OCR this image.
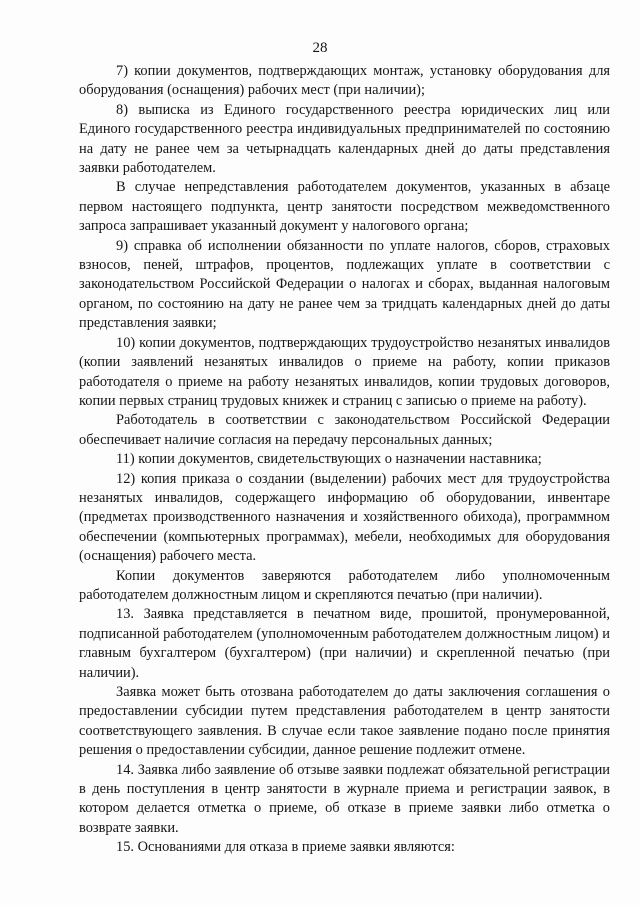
28

7) копии документов, подтверждающих монтаж, установку оборудования для оборудования (оснащения) рабочих мест (при наличии);

8) выписка из Единого государственного реестра юридических лиц или Единого государственного реестра индивидуальных предпринимателей по состоянию на дату не ранее чем за четырнадцать календарных дней до даты представления заявки работодателем.

В случае непредставления работодателем документов, указанных в абзаце первом настоящего подпункта, центр занятости посредством межведомственного запроса запрашивает указанный документ у налогового органа;

9) справка об исполнении обязанности по уплате налогов, сборов, страховых взносов, пеней, штрафов, процентов, подлежащих уплате в соответствии с законодательством Российской Федерации о налогах и сборах, выданная налоговым органом, по состоянию на дату не ранее чем за тридцать календарных дней до даты представления заявки;

10) копии документов, подтверждающих трудоустройство незанятых инвалидов (копии заявлений незанятых инвалидов о приеме на работу, копии приказов работодателя о приеме на работу незанятых инвалидов, копии трудовых договоров, копии первых страниц трудовых книжек и страниц с записью о приеме на работу).

Работодатель в соответствии с законодательством Российской Федерации обеспечивает наличие согласия на передачу персональных данных;

11) копии документов, свидетельствующих о назначении наставника;

12) копия приказа о создании (выделении) рабочих мест для трудоустройства незанятых инвалидов, содержащего информацию об оборудовании, инвентаре (предметах производственного назначения и хозяйственного обихода), программном обеспечении (компьютерных программах), мебели, необходимых для оборудования (оснащения) рабочего места.

Копии документов заверяются работодателем либо уполномоченным работодателем должностным лицом и скрепляются печатью (при наличии).

13. Заявка представляется в печатном виде, прошитой, пронумерованной, подписанной работодателем (уполномоченным работодателем должностным лицом) и главным бухгалтером (бухгалтером) (при наличии) и скрепленной печатью (при наличии).

Заявка может быть отозвана работодателем до даты заключения соглашения о предоставлении субсидии путем представления работодателем в центр занятости соответствующего заявления. В случае если такое заявление подано после принятия решения о предоставлении субсидии, данное решение подлежит отмене.

14. Заявка либо заявление об отзыве заявки подлежат обязательной регистрации в день поступления в центр занятости в журнале приема и регистрации заявок, в котором делается отметка о приеме, об отказе в приеме заявки либо отметка о возврате заявки.

15. Основаниями для отказа в приеме заявки являются:
